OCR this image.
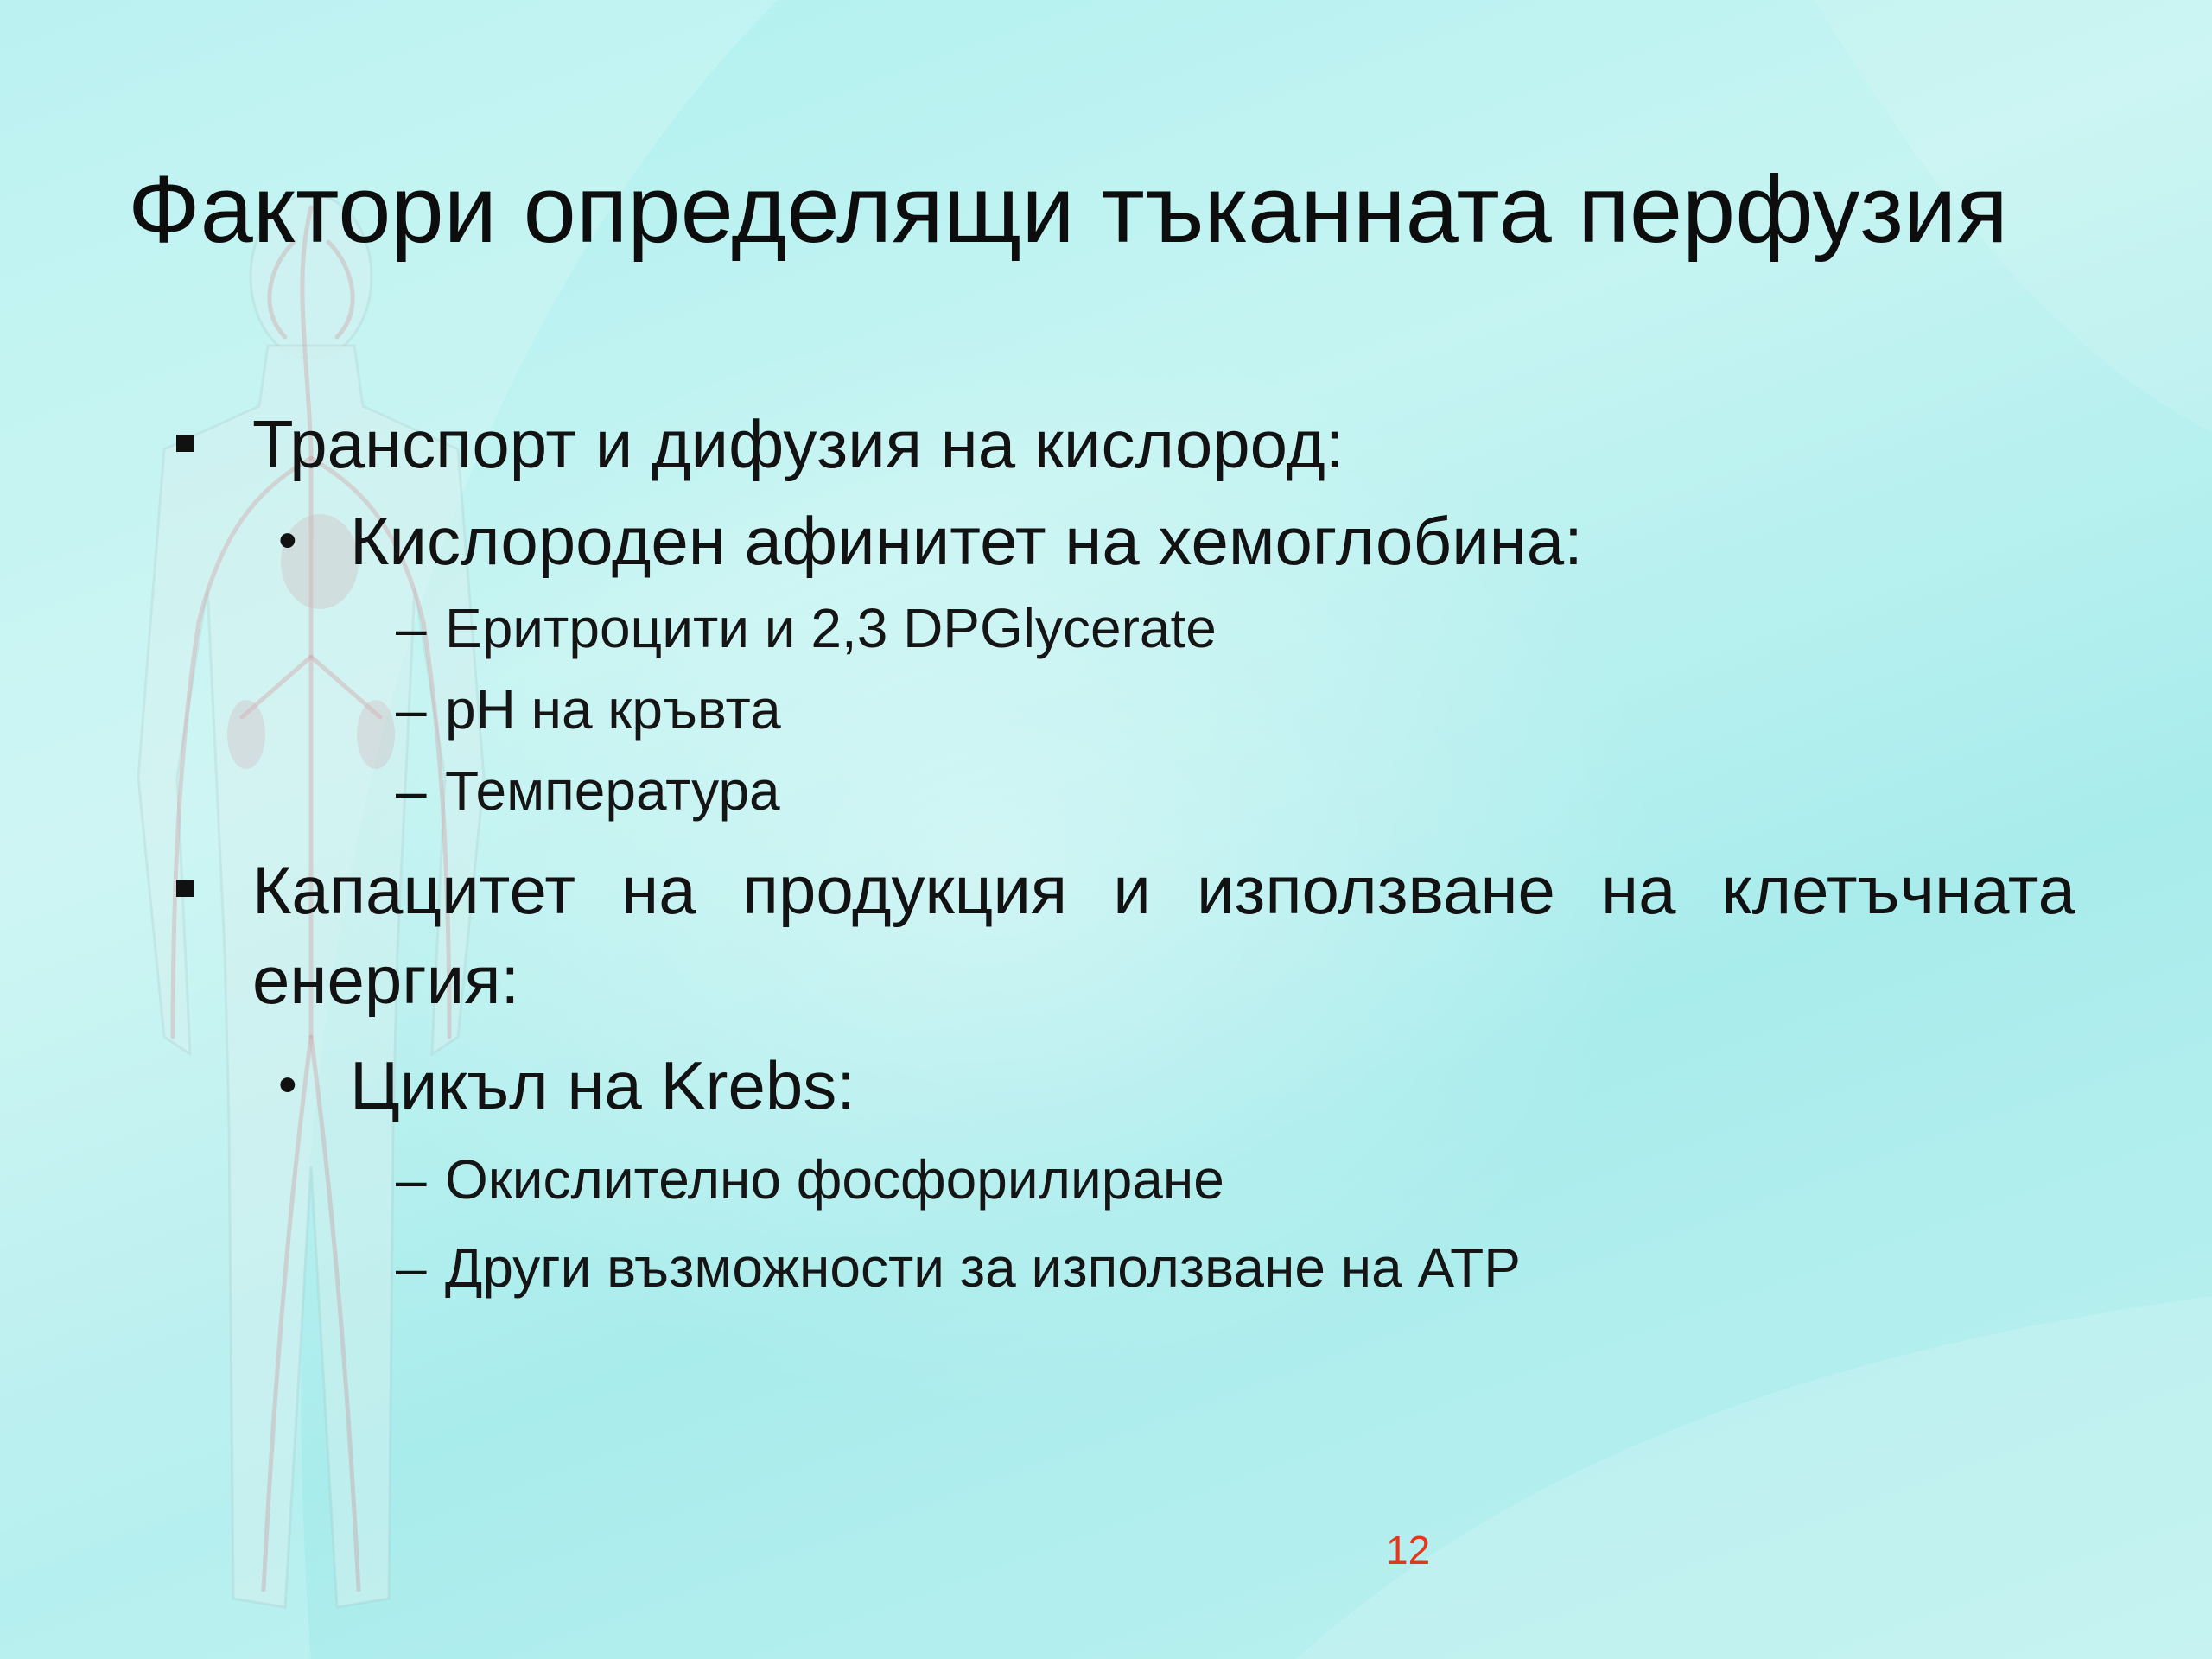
Фактори определящи тъканната перфузия
Транспорт и дифузия на кислород:
• Кислороден афинитет на хемоглобина:
– Еритроцити и 2,3 DPGlycerate
– pH на кръвта
– Температура
Капацитет на продукция и използване на клетъчната енергия:
• Цикъл на Krebs:
– Окислително фосфорилиране
– Други възможности за използване на АТР
12
